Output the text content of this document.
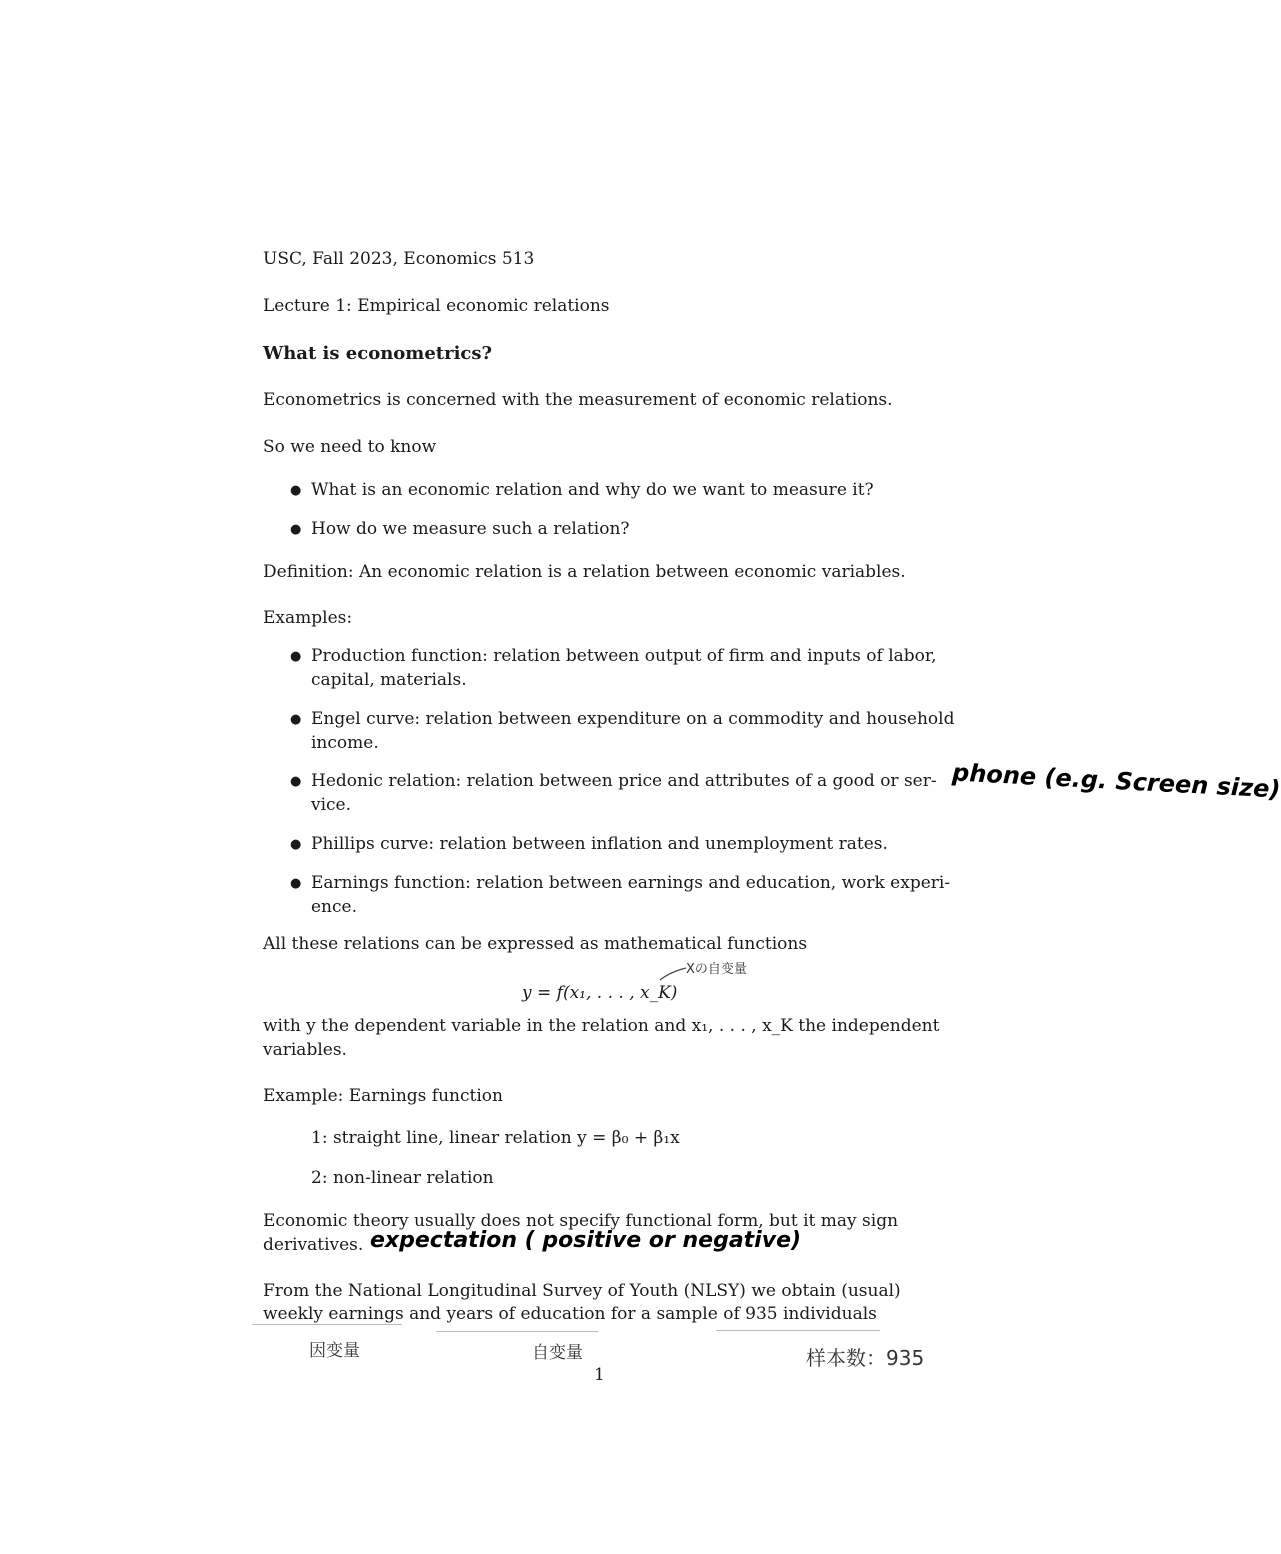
USC, Fall 2023, Economics 513
Lecture 1: Empirical economic relations
What is econometrics?
Econometrics is concerned with the measurement of economic relations.
So we need to know
● What is an economic relation and why do we want to measure it?
● How do we measure such a relation?
Definition: An economic relation is a relation between economic variables.
Examples:
● Production function: relation between output of firm and inputs of labor,
capital, materials.
● Engel curve: relation between expenditure on a commodity and household
income.
● Hedonic relation: relation between price and attributes of a good or ser-
vice.
● Phillips curve: relation between inflation and unemployment rates.
● Earnings function: relation between earnings and education, work experi-
ence.
phone (e.g. Screen size)
All these relations can be expressed as mathematical functions
y = f(x₁, . . . , x_K)
Xの自变量
with y the dependent variable in the relation and x₁, . . . , x_K the independent
variables.
Example: Earnings function
1: straight line, linear relation y = β₀ + β₁x
2: non-linear relation
Economic theory usually does not specify functional form, but it may sign
derivatives. expectation ( positive or negative)
From the National Longitudinal Survey of Youth (NLSY) we obtain (usual)
weekly earnings and years of education for a sample of 935 individuals
因变量	自变量	样本数：935
1
